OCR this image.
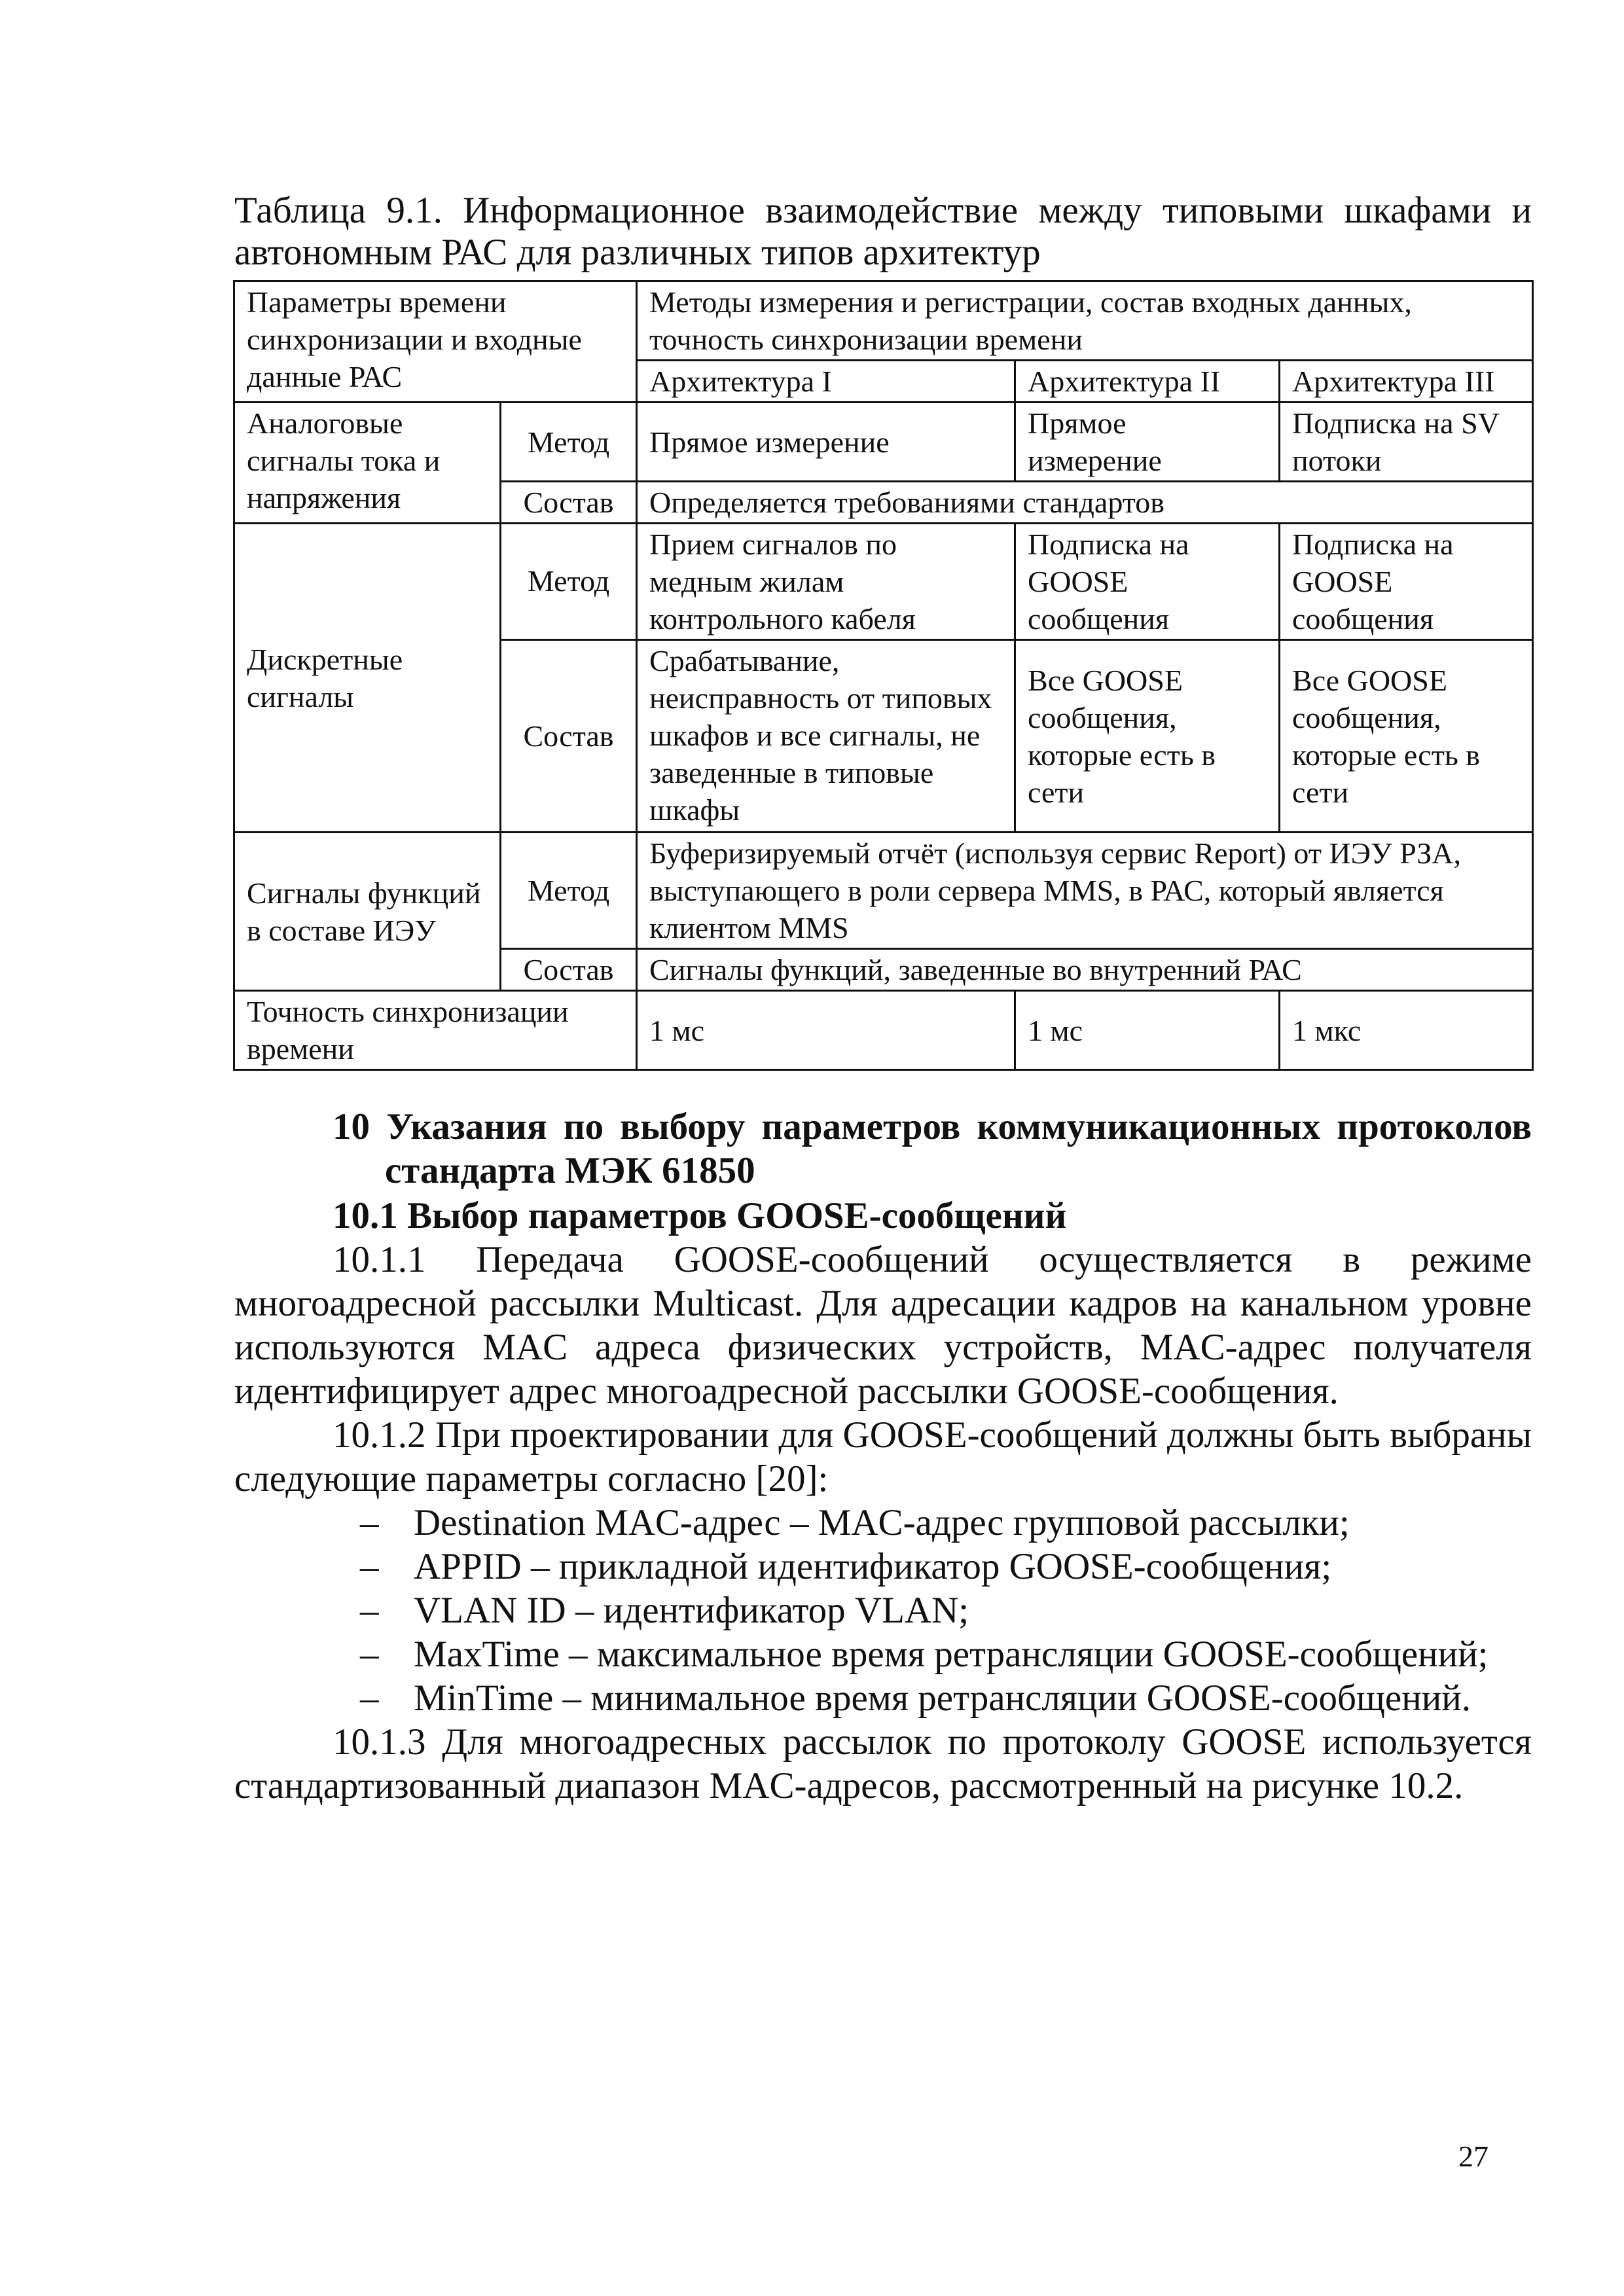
Таблица 9.1. Информационное взаимодействие между типовыми шкафами и автономным РАС для различных типов архитектур
Параметры времени синхронизации и входные данные РАС		Методы измерения и регистрации, состав входных данных, точность синхронизации времени		
		Архитектура I	Архитектура II	Архитектура III
Аналоговые сигналы тока и напряжения	Метод	Прямое измерение	Прямое измерение	Подписка на SV потоки
	Состав	Определяется требованиями стандартов		
Дискретные сигналы	Метод	Прием сигналов по медным жилам контрольного кабеля	Подписка на GOOSE сообщения	Подписка на GOOSE сообщения
	Состав	Срабатывание, неисправность от типовых шкафов и все сигналы, не заведенные в типовые шкафы	Все GOOSE сообщения, которые есть в сети	Все GOOSE сообщения, которые есть в сети
Сигналы функций в составе ИЭУ	Метод	Буферизируемый отчёт (используя сервис Report) от ИЭУ РЗА, выступающего в роли сервера MMS, в РАС, который является клиентом MMS		
	Состав	Сигналы функций, заведенные во внутренний РАС		
Точность синхронизации времени		1 мс	1 мс	1 мкс
10 Указания по выбору параметров коммуникационных протоколов стандарта МЭК 61850
10.1 Выбор параметров GOOSE-сообщений
10.1.1 Передача GOOSE-сообщений осуществляется в режиме многоадресной рассылки Multicast. Для адресации кадров на канальном уровне используются MAC адреса физических устройств, MAC-адрес получателя идентифицирует адрес многоадресной рассылки GOOSE-сообщения.
10.1.2 При проектировании для GOOSE-сообщений должны быть выбраны следующие параметры согласно [20]:
– Destination MAC-адрес – MAC-адрес групповой рассылки;
– APPID – прикладной идентификатор GOOSE-сообщения;
– VLAN ID – идентификатор VLAN;
– MaxTime – максимальное время ретрансляции GOOSE-сообщений;
– MinTime – минимальное время ретрансляции GOOSE-сообщений.
10.1.3 Для многоадресных рассылок по протоколу GOOSE используется стандартизованный диапазон MAC-адресов, рассмотренный на рисунке 10.2.
27
